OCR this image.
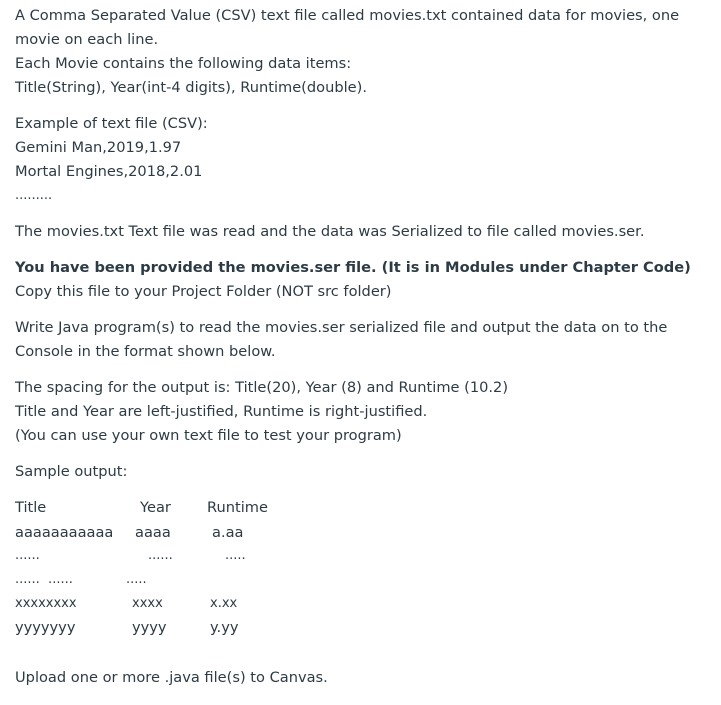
A Comma Separated Value (CSV) text file called movies.txt contained data for movies, one movie on each line.
Each Movie contains the following data items:
Title(String), Year(int-4 digits), Runtime(double).
Example of text file (CSV):
Gemini Man,2019,1.97
Mortal Engines,2018,2.01
.........
The movies.txt Text file was read and the data was Serialized to file called movies.ser.
You have been provided the movies.ser file. (It is in Modules under Chapter Code)
Copy this file to your Project Folder (NOT src folder)
Write Java program(s) to read the movies.ser serialized file and output the data on to the Console in the format shown below.
The spacing for the output is: Title(20), Year (8) and Runtime (10.2)
Title and Year are left-justified, Runtime is right-justified.
(You can use your own text file to test your program)
Sample output:
Title	Year Runtime
aaaaaaaaaaa aaaa	a.aa
......	......	.....
......  ......	.....
xxxxxxxx	xxxx	x.xx
yyyyyyy	yyyy	y.yy
Upload one or more .java file(s) to Canvas.
